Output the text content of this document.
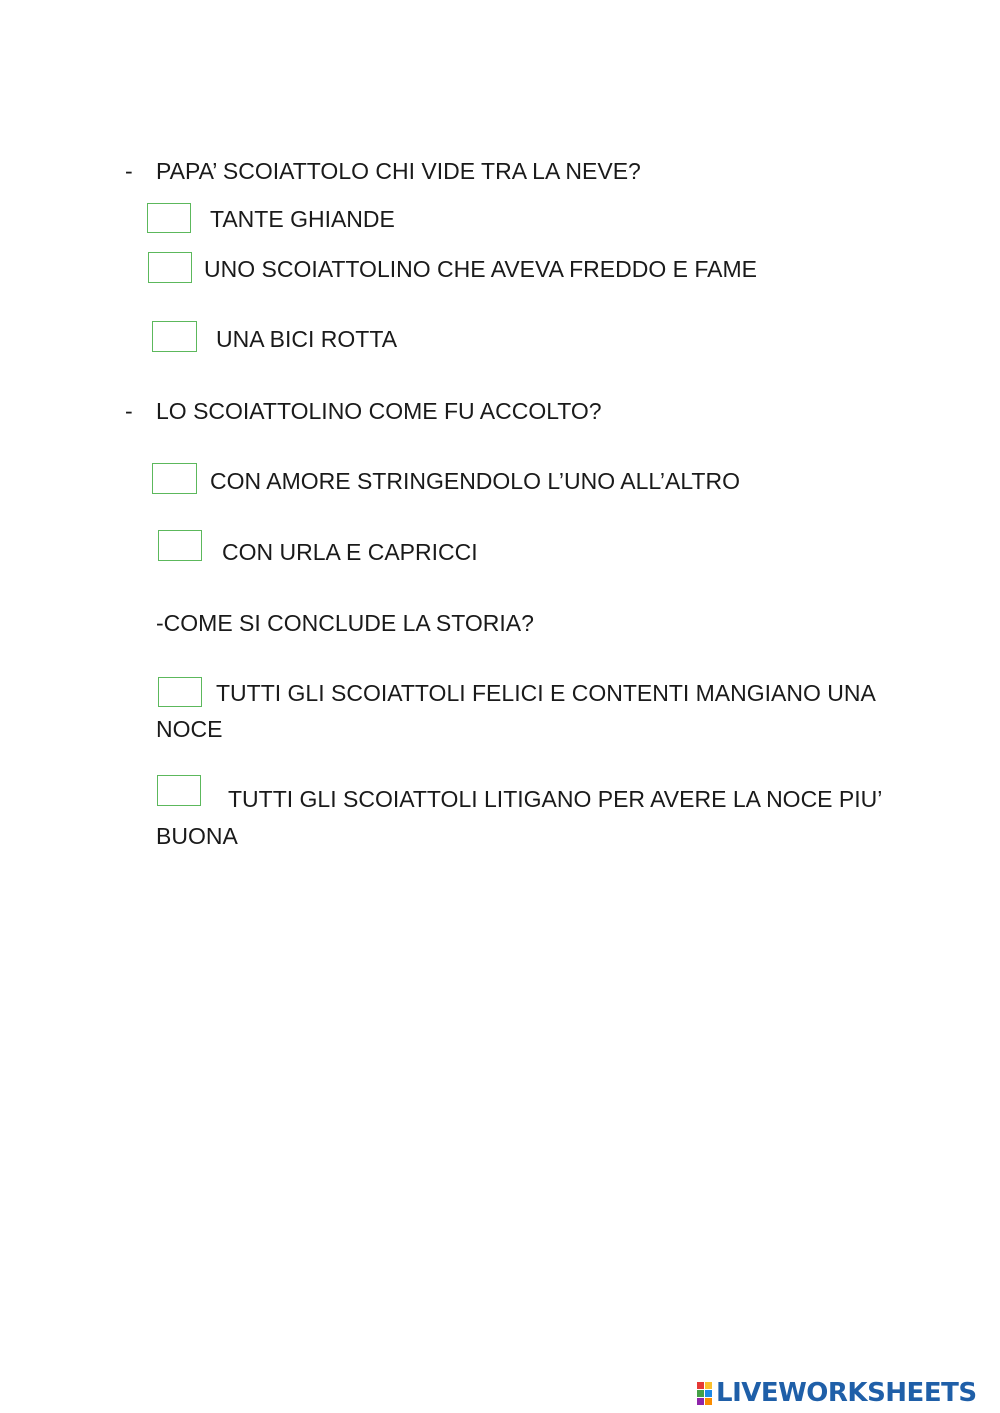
- PAPA’ SCOIATTOLO CHI VIDE TRA LA NEVE?
TANTE GHIANDE
UNO SCOIATTOLINO CHE AVEVA FREDDO E FAME
UNA BICI ROTTA
- LO SCOIATTOLINO COME FU ACCOLTO?
CON AMORE STRINGENDOLO L’UNO ALL’ALTRO
CON URLA E CAPRICCI
-COME SI CONCLUDE LA STORIA?
TUTTI GLI SCOIATTOLI FELICI E CONTENTI MANGIANO UNA
NOCE
TUTTI GLI SCOIATTOLI LITIGANO PER AVERE LA NOCE PIU’
BUONA
LIVEWORKSHEETS
